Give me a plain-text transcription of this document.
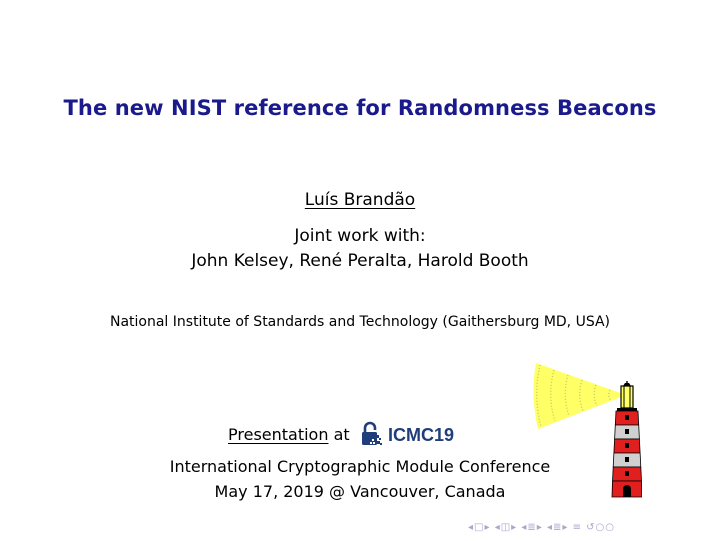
The new NIST reference for Randomness Beacons
Luís Brandão
Joint work with:
John Kelsey, René Peralta, Harold Booth
National Institute of Standards and Technology (Gaithersburg MD, USA)
Presentation at ICMC19
International Cryptographic Module Conference
May 17, 2019 @ Vancouver, Canada
◂□▸ ◂◫▸ ◂≣▸ ◂≣▸ ≡ ↺○○
